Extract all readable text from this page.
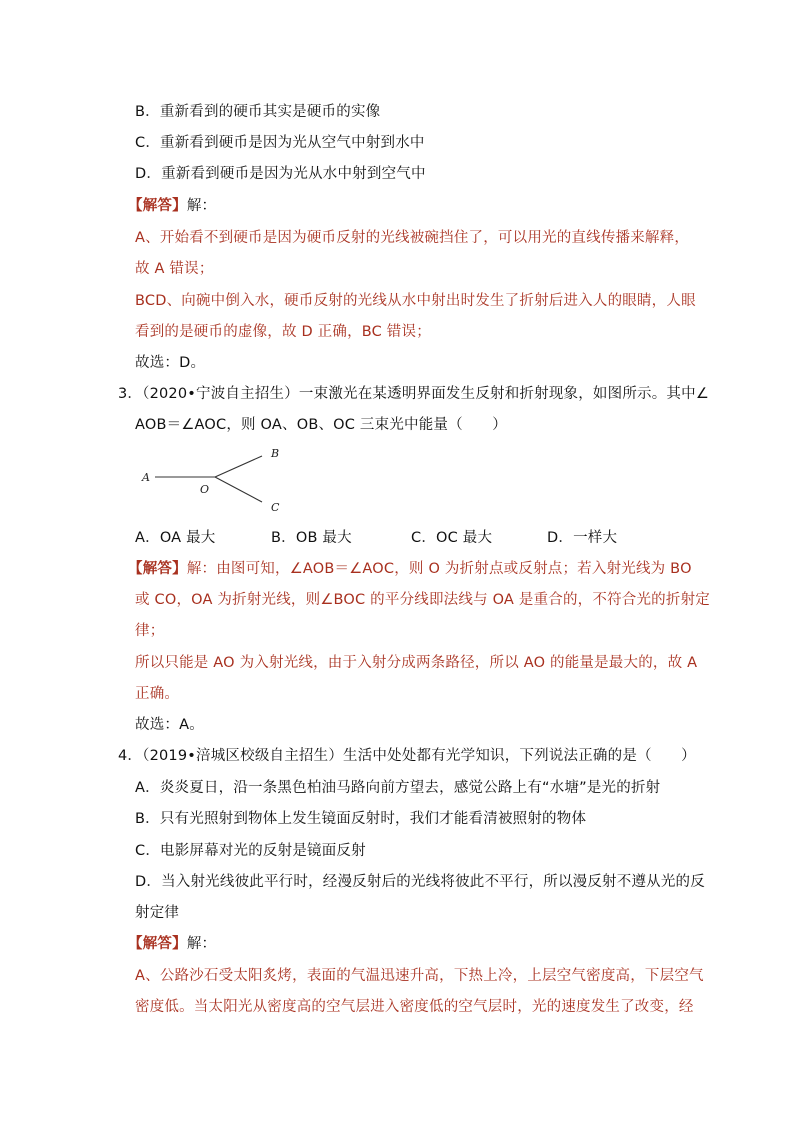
B．重新看到的硬币其实是硬币的实像
C．重新看到硬币是因为光从空气中射到水中
D．重新看到硬币是因为光从水中射到空气中
【解答】解：
A、开始看不到硬币是因为硬币反射的光线被碗挡住了，可以用光的直线传播来解释，
故 A 错误；
BCD、向碗中倒入水，硬币反射的光线从水中射出时发生了折射后进入人的眼睛，人眼
看到的是硬币的虚像，故 D 正确，BC 错误；
故选：D。
3．（2020•宁波自主招生）一束激光在某透明界面发生反射和折射现象，如图所示。其中∠
AOB＝∠AOC，则 OA、OB、OC 三束光中能量（　　）
A
O
B
C
A．OA 最大	B．OB 最大	C．OC 最大	D．一样大
【解答】解：由图可知，∠AOB＝∠AOC，则 O 为折射点或反射点；若入射光线为 BO
或 CO，OA 为折射光线，则∠BOC 的平分线即法线与 OA 是重合的，不符合光的折射定
律；
所以只能是 AO 为入射光线，由于入射分成两条路径，所以 AO 的能量是最大的，故 A
正确。
故选：A。
4．（2019•涪城区校级自主招生）生活中处处都有光学知识，下列说法正确的是（　　）
A．炎炎夏日，沿一条黑色柏油马路向前方望去，感觉公路上有“水塘”是光的折射
B．只有光照射到物体上发生镜面反射时，我们才能看清被照射的物体
C．电影屏幕对光的反射是镜面反射
D．当入射光线彼此平行时，经漫反射后的光线将彼此不平行，所以漫反射不遵从光的反
射定律
【解答】解：
A、公路沙石受太阳炙烤，表面的气温迅速升高，下热上冷，上层空气密度高，下层空气
密度低。当太阳光从密度高的空气层进入密度低的空气层时，光的速度发生了改变，经
